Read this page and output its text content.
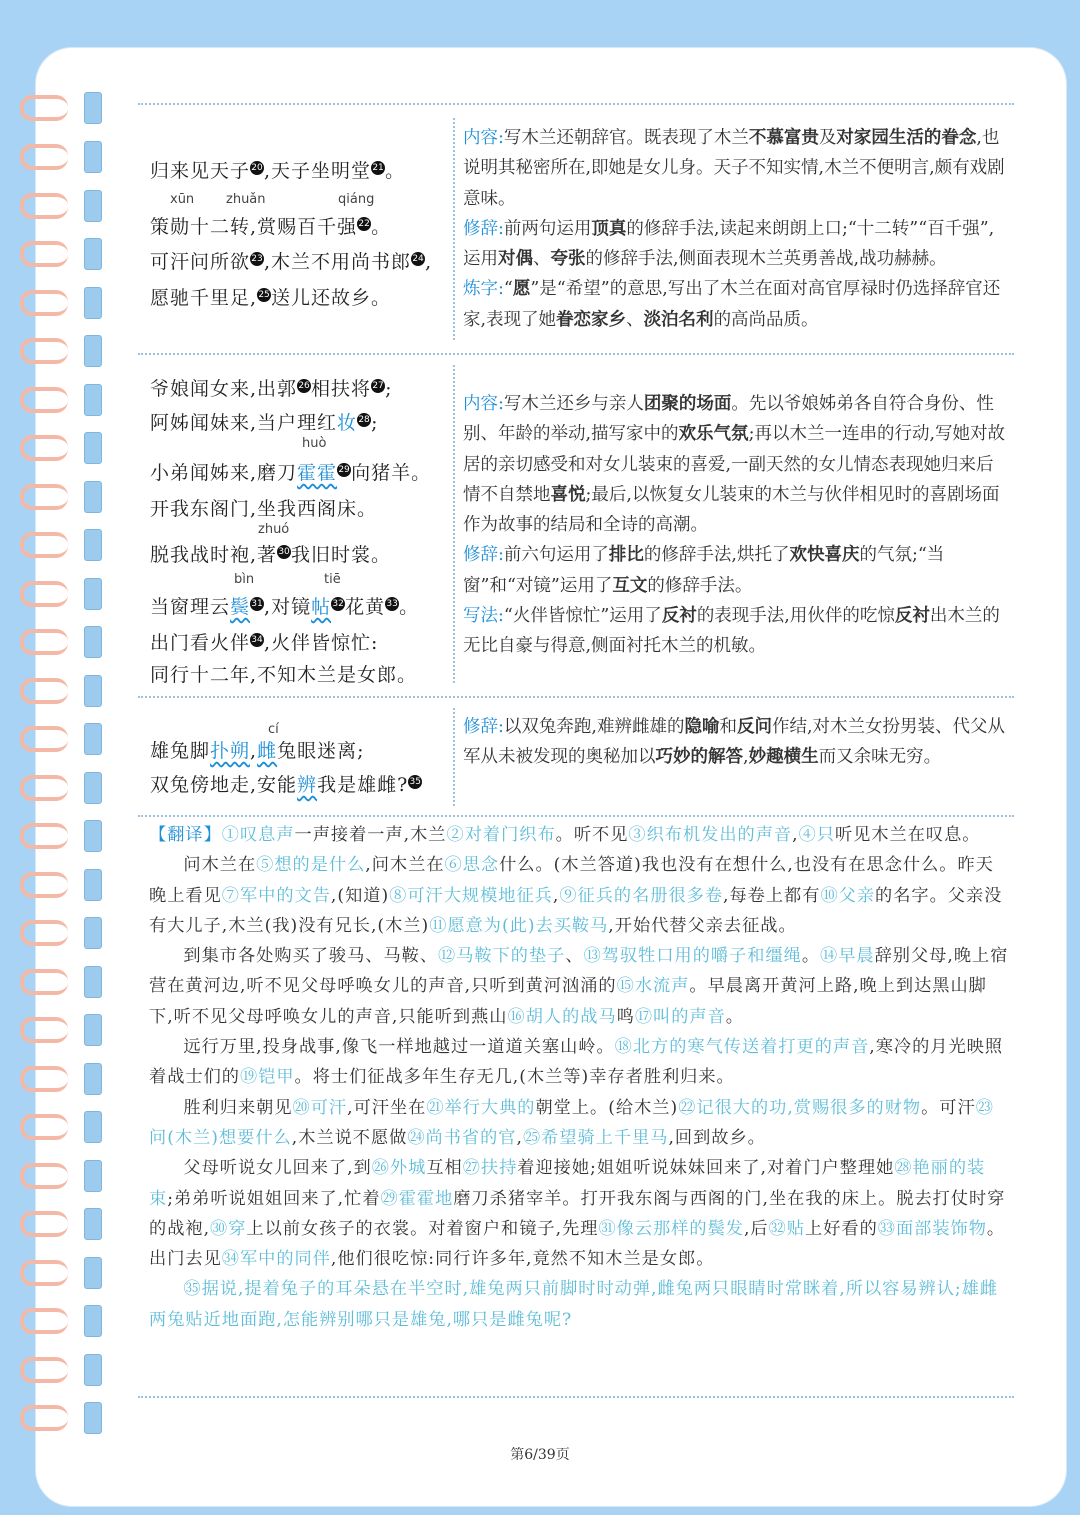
归来见天子20,天子坐明堂21。
xūn zhuǎn	qiáng
策勋十二转,赏赐百千强22。
可汗问所欲23,木兰不用尚书郎24,
愿驰千里足,25送儿还故乡。
内容:写木兰还朝辞官。既表现了木兰不慕富贵及对家园生活的眷念,也说明其秘密所在,即她是女儿身。天子不知实情,木兰不便明言,颇有戏剧意味。
修辞:前两句运用顶真的修辞手法,读起来朗朗上口;“十二转”“百千强”,运用对偶、夸张的修辞手法,侧面表现木兰英勇善战,战功赫赫。
炼字:“愿”是“希望”的意思,写出了木兰在面对高官厚禄时仍选择辞官还家,表现了她眷恋家乡、淡泊名利的高尚品质。
爷娘闻女来,出郭26相扶将27;
阿姊闻妹来,当户理红妆28;
huò
小弟闻姊来,磨刀霍霍29向猪羊。
开我东阁门,坐我西阁床。
zhuó
脱我战时袍,著30我旧时裳。
bìn	tiē
当窗理云鬓31,对镜帖32花黄33。
出门看火伴34,火伴皆惊忙:
同行十二年,不知木兰是女郎。
内容:写木兰还乡与亲人团聚的场面。先以爷娘姊弟各自符合身份、性别、年龄的举动,描写家中的欢乐气氛;再以木兰一连串的行动,写她对故居的亲切感受和对女儿装束的喜爱,一副天然的女儿情态表现她归来后情不自禁地喜悦;最后,以恢复女儿装束的木兰与伙伴相见时的喜剧场面作为故事的结局和全诗的高潮。
修辞:前六句运用了排比的修辞手法,烘托了欢快喜庆的气氛;“当窗”和“对镜”运用了互文的修辞手法。
写法:“火伴皆惊忙”运用了反衬的表现手法,用伙伴的吃惊反衬出木兰的无比自豪与得意,侧面衬托木兰的机敏。
cí
雄兔脚扑朔,雌兔眼迷离;
双兔傍地走,安能辨我是雄雌?35
修辞:以双兔奔跑,难辨雌雄的隐喻和反问作结,对木兰女扮男装、代父从军从未被发现的奥秘加以巧妙的解答,妙趣横生而又余味无穷。

【翻译】①叹息声一声接着一声,木兰②对着门织布。听不见③织布机发出的声音,④只听见木兰在叹息。

问木兰在⑤想的是什么,问木兰在⑥思念什么。(木兰答道)我也没有在想什么,也没有在思念什么。昨天晚上看见⑦军中的文告,(知道)⑧可汗大规模地征兵,⑨征兵的名册很多卷,每卷上都有⑩父亲的名字。父亲没有大儿子,木兰(我)没有兄长,(木兰)⑪愿意为(此)去买鞍马,开始代替父亲去征战。

到集市各处购买了骏马、马鞍、⑫马鞍下的垫子、⑬驾驭牲口用的嚼子和缰绳。⑭早晨辞别父母,晚上宿营在黄河边,听不见父母呼唤女儿的声音,只听到黄河汹涌的⑮水流声。早晨离开黄河上路,晚上到达黑山脚下,听不见父母呼唤女儿的声音,只能听到燕山⑯胡人的战马鸣⑰叫的声音。

远行万里,投身战事,像飞一样地越过一道道关塞山岭。⑱北方的寒气传送着打更的声音,寒冷的月光映照着战士们的⑲铠甲。将士们征战多年生存无几,(木兰等)幸存者胜利归来。

胜利归来朝见⑳可汗,可汗坐在㉑举行大典的朝堂上。(给木兰)㉒记很大的功,赏赐很多的财物。可汗㉓问(木兰)想要什么,木兰说不愿做㉔尚书省的官,㉕希望骑上千里马,回到故乡。

父母听说女儿回来了,到㉖外城互相㉗扶持着迎接她;姐姐听说妹妹回来了,对着门户整理她㉘艳丽的装束;弟弟听说姐姐回来了,忙着㉙霍霍地磨刀杀猪宰羊。打开我东阁与西阁的门,坐在我的床上。脱去打仗时穿的战袍,㉚穿上以前女孩子的衣裳。对着窗户和镜子,先理㉛像云那样的鬓发,后㉜贴上好看的㉝面部装饰物。出门去见㉞军中的同伴,他们很吃惊:同行许多年,竟然不知木兰是女郎。

㉟据说,提着兔子的耳朵悬在半空时,雄兔两只前脚时时动弹,雌兔两只眼睛时常眯着,所以容易辨认;雄雌两兔贴近地面跑,怎能辨别哪只是雄兔,哪只是雌兔呢?

第6/39页
